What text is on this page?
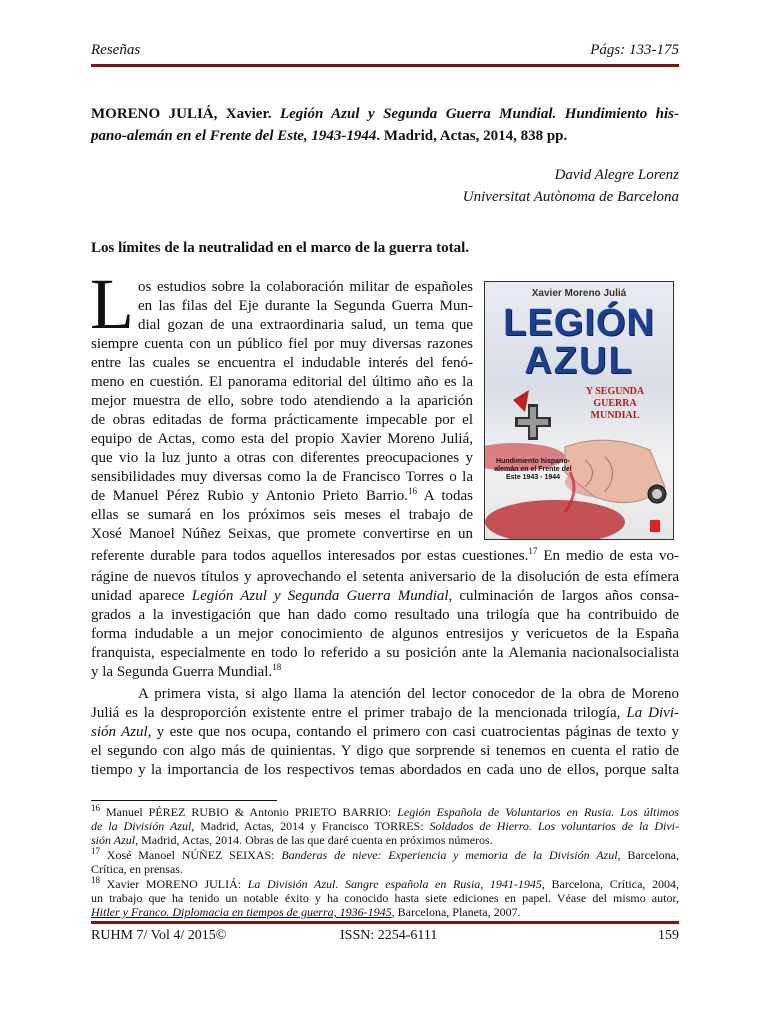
Reseñas	Págs: 133-175
MORENO JULIÁ, Xavier. Legión Azul y Segunda Guerra Mundial. Hundimiento his-
pano-alemán en el Frente del Este, 1943-1944. Madrid, Actas, 2014, 838 pp.
David Alegre Lorenz
Universitat Autònoma de Barcelona
Los límites de la neutralidad en el marco de la guerra total.
L	Xavier Moreno Juliá
LEGIÓN
AZUL
Y SEGUNDA GUERRA
MUNDIAL
Hundimiento hispano-alemán en el Frente del Este 1943 - 1944
os estudios sobre la colaboración militar de españoles
en las filas del Eje durante la Segunda Guerra Mun-
dial gozan de una extraordinaria salud, un tema que
siempre cuenta con un público fiel por muy diversas razones
entre las cuales se encuentra el indudable interés del fenó-
meno en cuestión. El panorama editorial del último año es la
mejor muestra de ello, sobre todo atendiendo a la aparición
de obras editadas de forma prácticamente impecable por el
equipo de Actas, como esta del propio Xavier Moreno Juliá,
que vio la luz junto a otras con diferentes preocupaciones y
sensibilidades muy diversas como la de Francisco Torres o la
de Manuel Pérez Rubio y Antonio Prieto Barrio.$^{16}$ A todas
ellas se sumará en los próximos seis meses el trabajo de
Xosé Manoel Núñez Seixas, que promete convertirse en un
referente durable para todos aquellos interesados por estas cuestiones.$^{17}$ En medio de esta vo-
rágine de nuevos títulos y aprovechando el setenta aniversario de la disolución de esta efímera
unidad aparece Legión Azul y Segunda Guerra Mundial, culminación de largos años consa-
grados a la investigación que han dado como resultado una trilogía que ha contribuido de
forma indudable a un mejor conocimiento de algunos entresijos y vericuetos de la España
franquista, especialmente en todo lo referido a su posición ante la Alemania nacionalsocialista
y la Segunda Guerra Mundial.$^{18}$
A primera vista, si algo llama la atención del lector conocedor de la obra de Moreno
Juliá es la desproporción existente entre el primer trabajo de la mencionada trilogía, La Divi-
sión Azul, y este que nos ocupa, contando el primero con casi cuatrocientas páginas de texto y
el segundo con algo más de quinientas. Y digo que sorprende si tenemos en cuenta el ratio de
tiempo y la importancia de los respectivos temas abordados en cada uno de ellos, porque salta
$^{16}$ Manuel PÉREZ RUBIO & Antonio PRIETO BARRIO: Legión Española de Voluntarios en Rusia. Los últimos
de la División Azul, Madrid, Actas, 2014 y Francisco TORRES: Soldados de Hierro. Los voluntarios de la Divi-
sión Azul, Madrid, Actas, 2014. Obras de las que daré cuenta en próximos números.
$^{17}$ Xosé Manoel NÚÑEZ SEIXAS: Banderas de nieve: Experiencia y memoria de la División Azul, Barcelona,
Crítica, en prensas.
$^{18}$ Xavier MORENO JULIÁ: La División Azul. Sangre española en Rusia, 1941-1945, Barcelona, Crítica, 2004,
un trabajo que ha tenido un notable éxito y ha conocido hasta siete ediciones en papel. Véase del mismo autor,
Hitler y Franco. Diplomacia en tiempos de guerra, 1936-1945, Barcelona, Planeta, 2007.
RUHM 7/ Vol 4/ 2015©	ISSN: 2254-6111	159
